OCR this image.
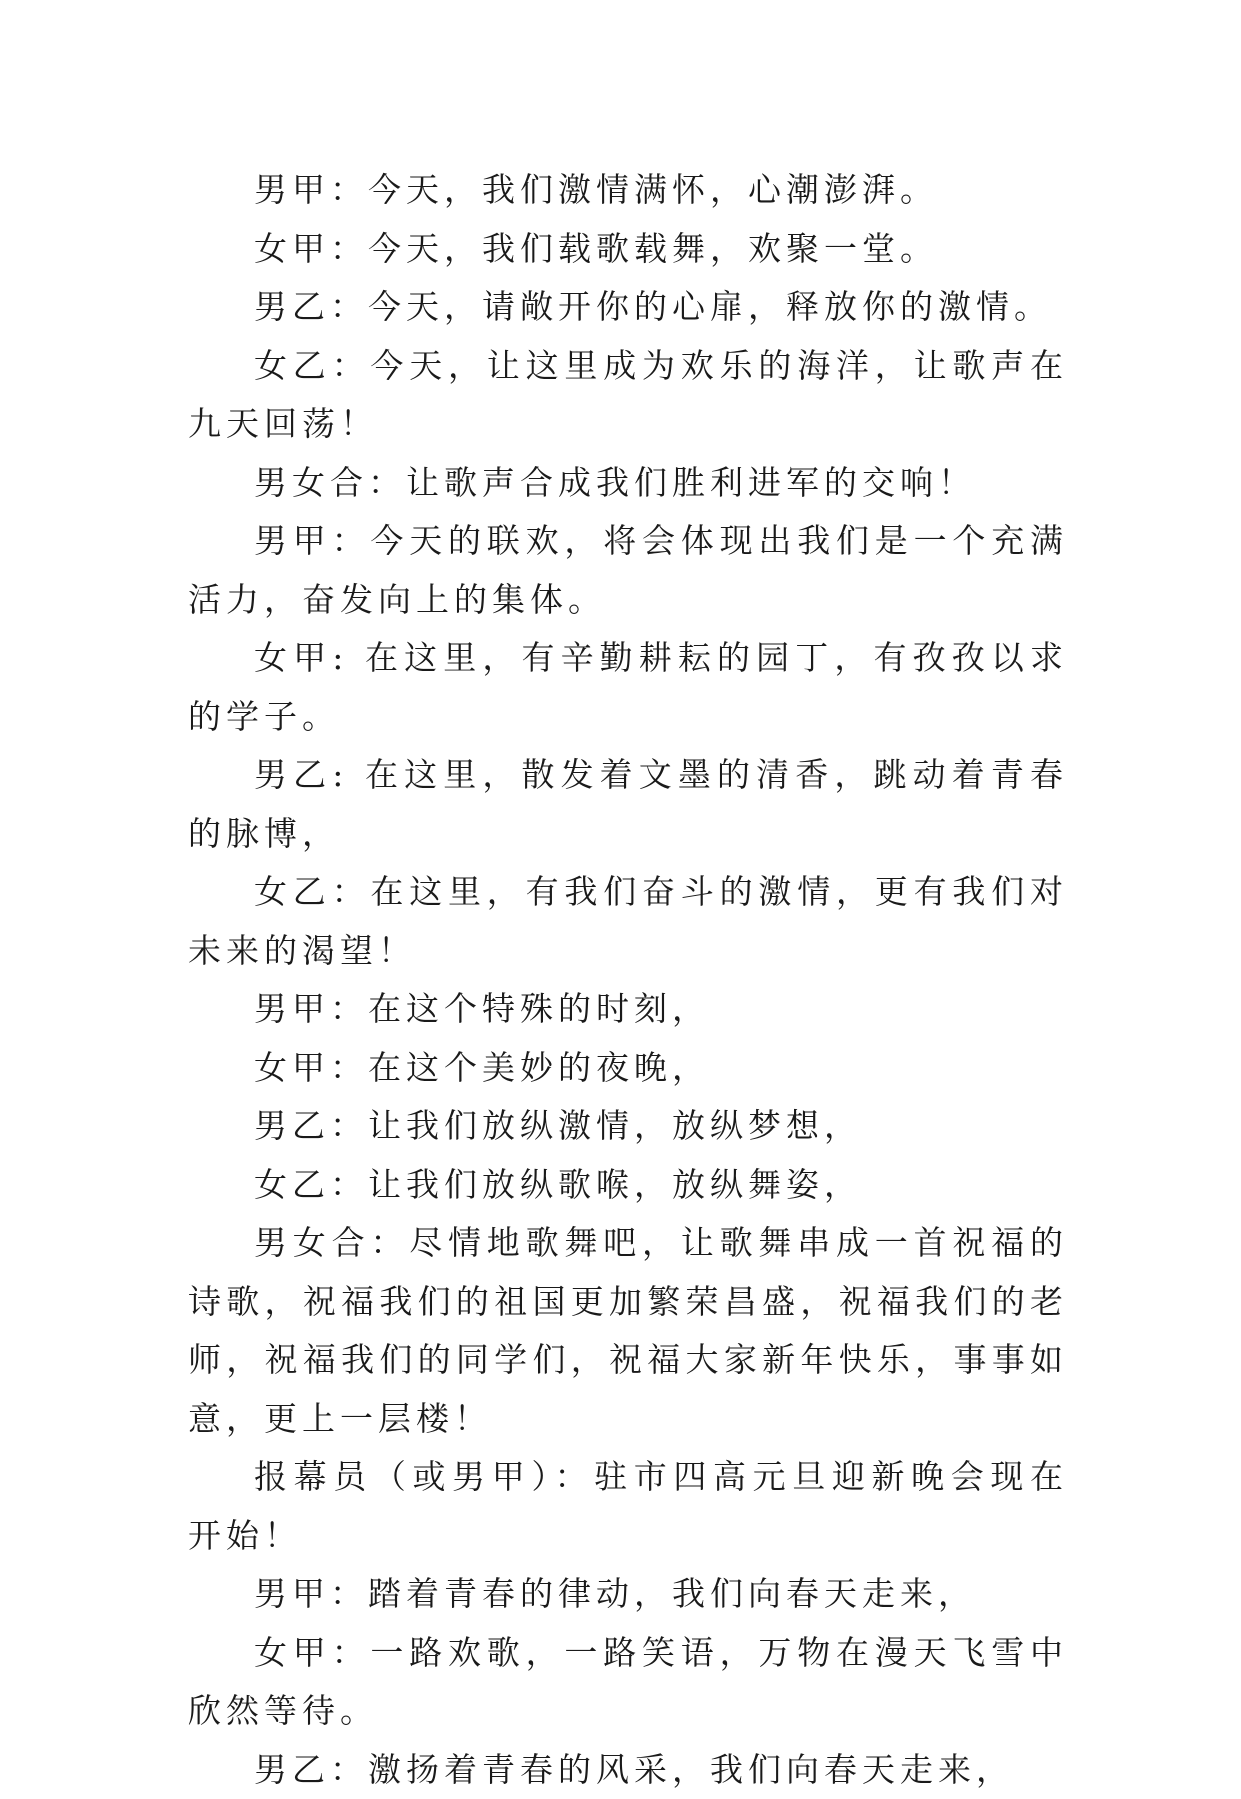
男甲：今天，我们激情满怀，心潮澎湃。

女甲：今天，我们载歌载舞，欢聚一堂。

男乙：今天，请敞开你的心扉，释放你的激情。

女乙：今天，让这里成为欢乐的海洋，让歌声在九天回荡！

男女合：让歌声合成我们胜利进军的交响！

男甲：今天的联欢，将会体现出我们是一个充满活力，奋发向上的集体。

女甲: 在这里，有辛勤耕耘的园丁，有孜孜以求的学子。

男乙: 在这里，散发着文墨的清香，跳动着青春的脉博，

女乙：在这里，有我们奋斗的激情，更有我们对未来的渴望！

男甲：在这个特殊的时刻，

女甲：在这个美妙的夜晚，

男乙：让我们放纵激情，放纵梦想，

女乙：让我们放纵歌喉，放纵舞姿，

男女合：尽情地歌舞吧，让歌舞串成一首祝福的诗歌，祝福我们的祖国更加繁荣昌盛，祝福我们的老师，祝福我们的同学们，祝福大家新年快乐，事事如意，更上一层楼！

报幕员（或男甲）：驻市四高元旦迎新晚会现在开始！

男甲：踏着青春的律动，我们向春天走来，

女甲：一路欢歌，一路笑语，万物在漫天飞雪中欣然等待。

男乙：激扬着青春的风采，我们向春天走来，
